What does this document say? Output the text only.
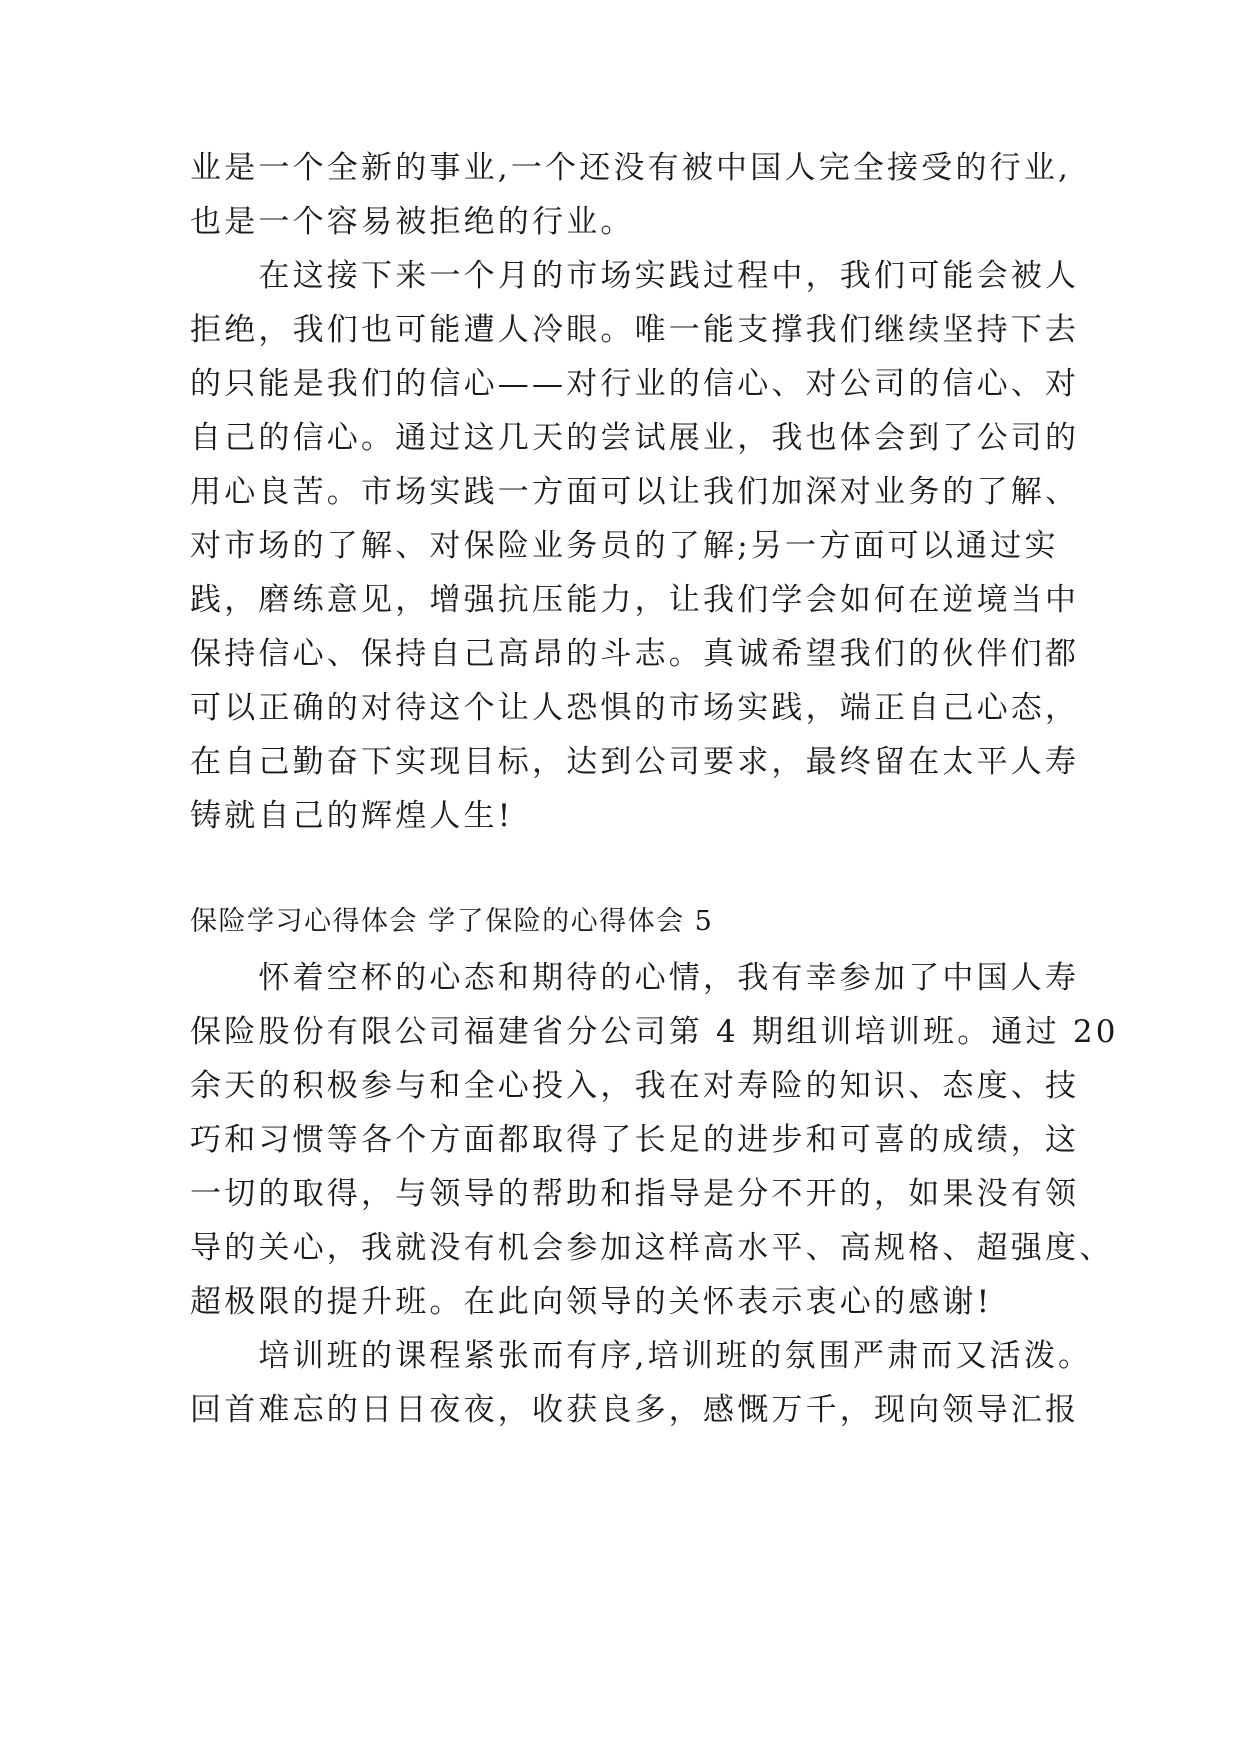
业是一个全新的事业,一个还没有被中国人完全接受的行业,
也是一个容易被拒绝的行业。
　　在这接下来一个月的市场实践过程中，我们可能会被人
拒绝，我们也可能遭人冷眼。唯一能支撑我们继续坚持下去
的只能是我们的信心——对行业的信心、对公司的信心、对
自己的信心。通过这几天的尝试展业，我也体会到了公司的
用心良苦。市场实践一方面可以让我们加深对业务的了解、
对市场的了解、对保险业务员的了解;另一方面可以通过实
践，磨练意见，增强抗压能力，让我们学会如何在逆境当中
保持信心、保持自己高昂的斗志。真诚希望我们的伙伴们都
可以正确的对待这个让人恐惧的市场实践，端正自己心态，
在自己勤奋下实现目标，达到公司要求，最终留在太平人寿
铸就自己的辉煌人生!
保险学习心得体会 学了保险的心得体会 5
　　怀着空杯的心态和期待的心情，我有幸参加了中国人寿
保险股份有限公司福建省分公司第 4 期组训培训班。通过 20
余天的积极参与和全心投入，我在对寿险的知识、态度、技
巧和习惯等各个方面都取得了长足的进步和可喜的成绩，这
一切的取得，与领导的帮助和指导是分不开的，如果没有领
导的关心，我就没有机会参加这样高水平、高规格、超强度、
超极限的提升班。在此向领导的关怀表示衷心的感谢!
　　培训班的课程紧张而有序,培训班的氛围严肃而又活泼。
回首难忘的日日夜夜，收获良多，感慨万千，现向领导汇报
